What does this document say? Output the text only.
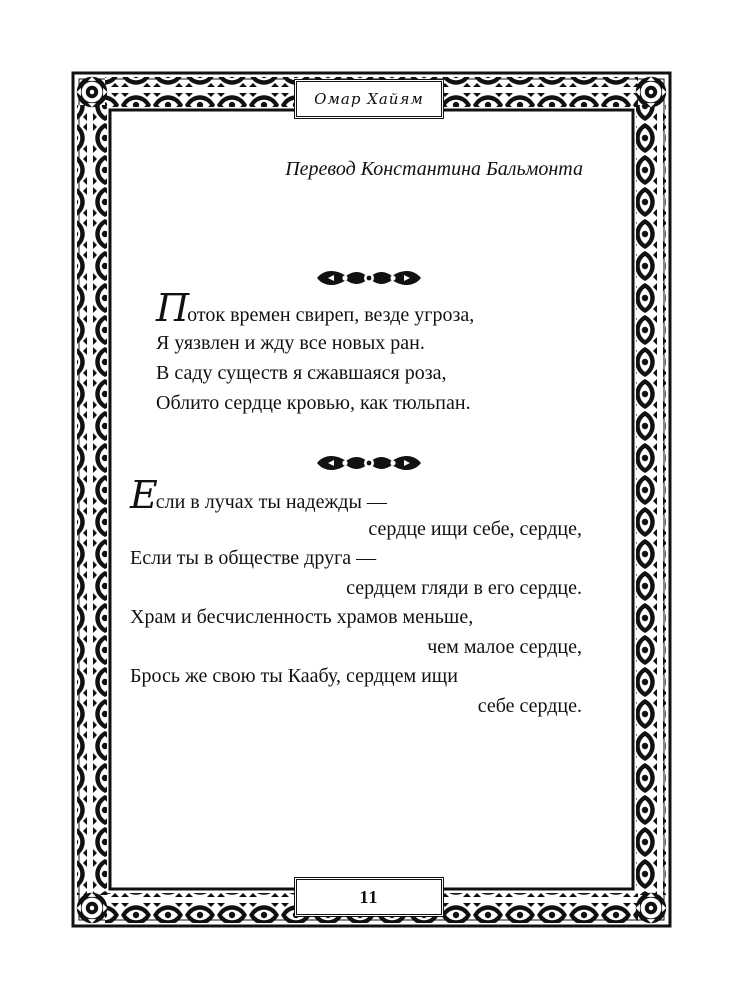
Омар Хайям
Перевод Константина Бальмонта
Поток времен свиреп, везде угроза,
Я уязвлен и жду все новых ран.
В саду существ я сжавшаяся роза,
Облито сердце кровью, как тюльпан.
Если в лучах ты надежды —
сердце ищи себе, сердце,
Если ты в обществе друга —
сердцем гляди в его сердце.
Храм и бесчисленность храмов меньше,
чем малое сердце,
Брось же свою ты Каабу, сердцем ищи
себе сердце.
11
